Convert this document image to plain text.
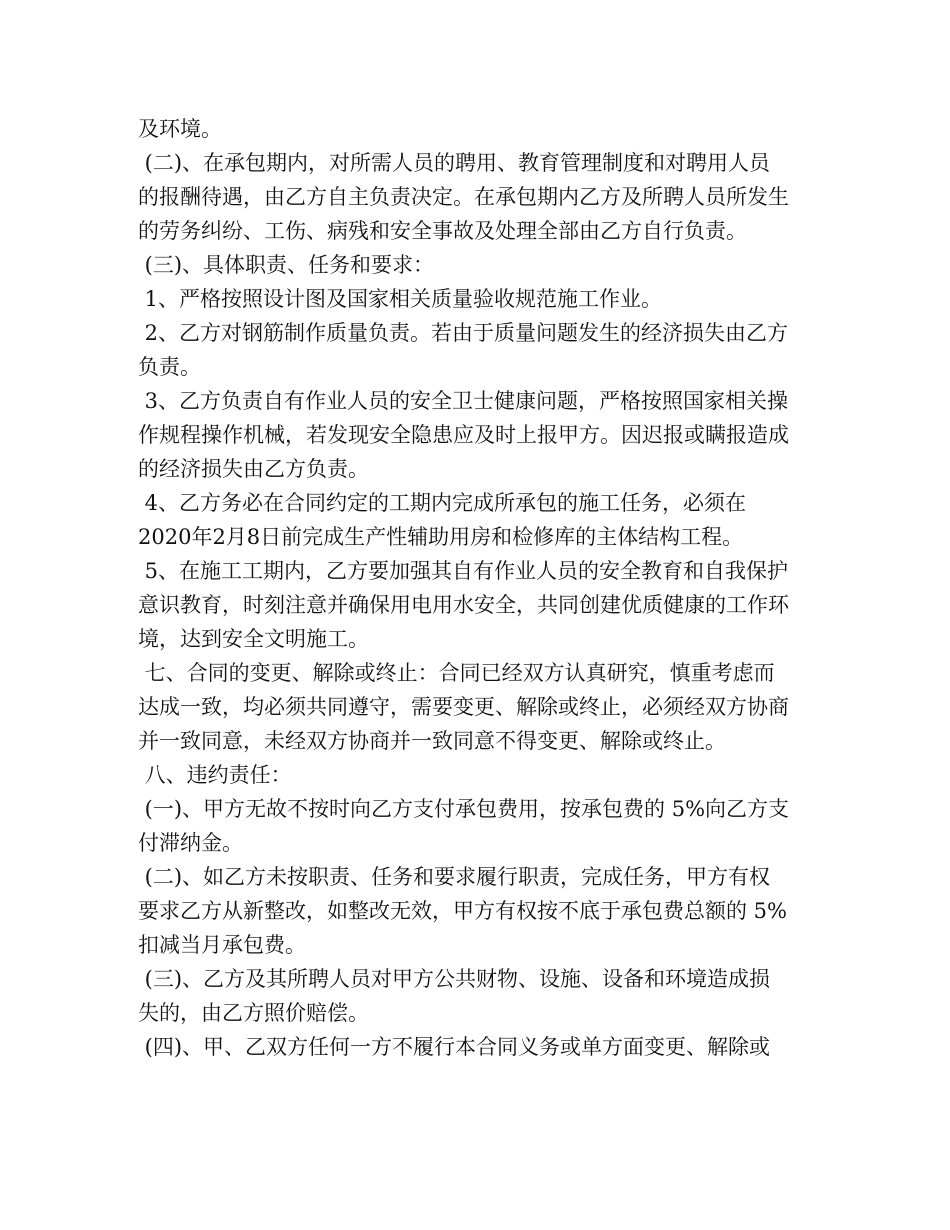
及环境。
(二)、在承包期内，对所需人员的聘用、教育管理制度和对聘用人员
的报酬待遇，由乙方自主负责决定。在承包期内乙方及所聘人员所发生
的劳务纠纷、工伤、病残和安全事故及处理全部由乙方自行负责。
(三)、具体职责、任务和要求：
1、严格按照设计图及国家相关质量验收规范施工作业。
2、乙方对钢筋制作质量负责。若由于质量问题发生的经济损失由乙方
负责。
3、乙方负责自有作业人员的安全卫士健康问题，严格按照国家相关操
作规程操作机械，若发现安全隐患应及时上报甲方。因迟报或瞒报造成
的经济损失由乙方负责。
4、乙方务必在合同约定的工期内完成所承包的施工任务，必须在
2020年2月8日前完成生产性辅助用房和检修库的主体结构工程。
5、在施工工期内，乙方要加强其自有作业人员的安全教育和自我保护
意识教育，时刻注意并确保用电用水安全，共同创建优质健康的工作环
境，达到安全文明施工。
七、合同的变更、解除或终止：合同已经双方认真研究，慎重考虑而
达成一致，均必须共同遵守，需要变更、解除或终止，必须经双方协商
并一致同意，未经双方协商并一致同意不得变更、解除或终止。
八、违约责任：
(一)、甲方无故不按时向乙方支付承包费用，按承包费的 5%向乙方支
付滞纳金。
(二)、如乙方未按职责、任务和要求履行职责，完成任务，甲方有权
要求乙方从新整改，如整改无效，甲方有权按不底于承包费总额的 5%
扣减当月承包费。
(三)、乙方及其所聘人员对甲方公共财物、设施、设备和环境造成损
失的，由乙方照价赔偿。
(四)、甲、乙双方任何一方不履行本合同义务或单方面变更、解除或
